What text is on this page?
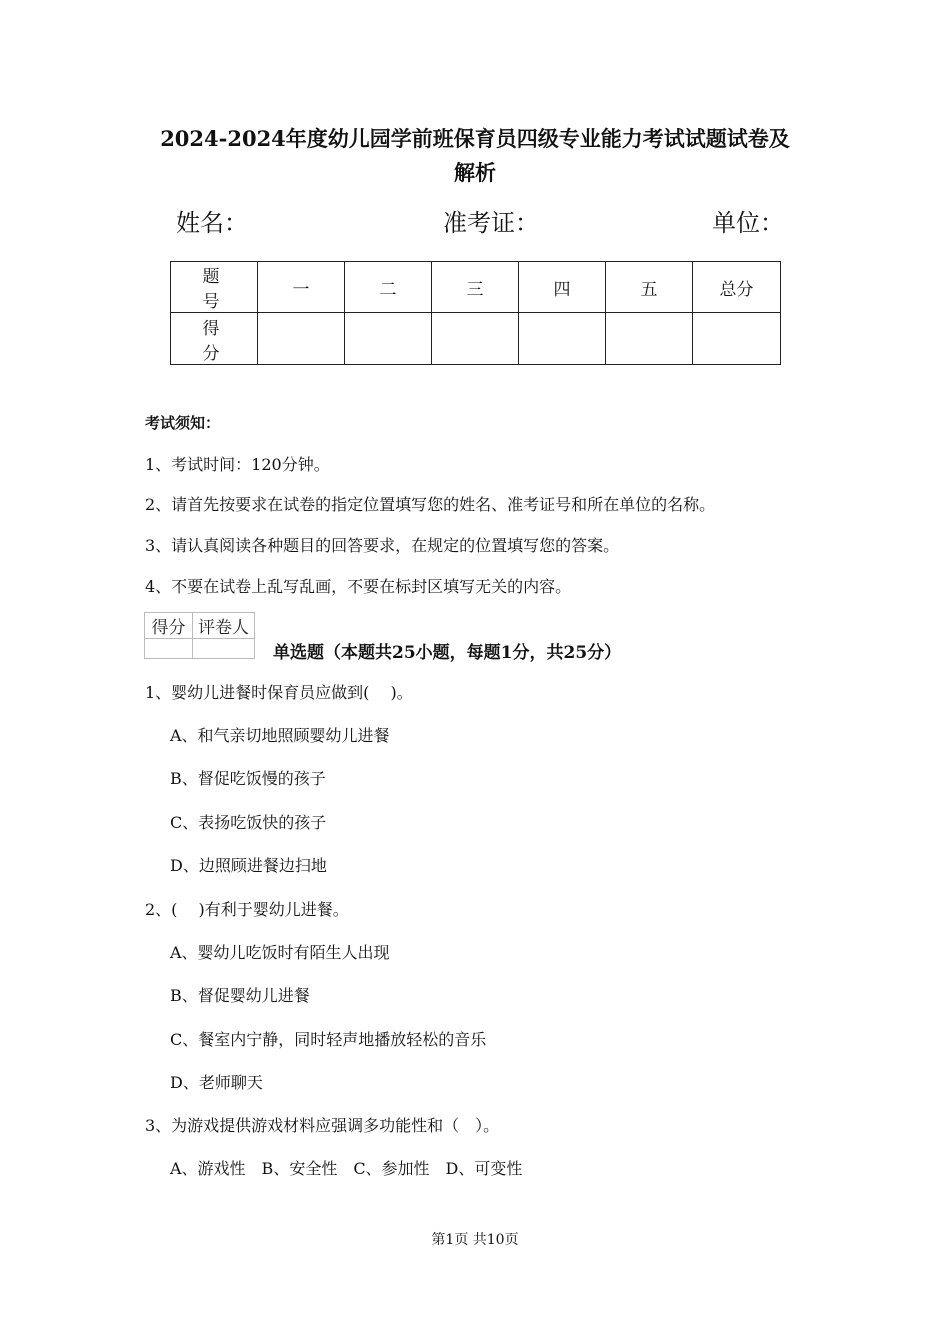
2024-2024年度幼儿园学前班保育员四级专业能力考试试题试卷及
解析
姓名：	准考证：	单位：
题 号	一	二	三	四	五	总分
得 分						
考试须知：
1、考试时间：120分钟。
2、请首先按要求在试卷的指定位置填写您的姓名、准考证号和所在单位的名称。
3、请认真阅读各种题目的回答要求，在规定的位置填写您的答案。
4、不要在试卷上乱写乱画，不要在标封区填写无关的内容。
得分	评卷人

单选题（本题共25小题，每题1分，共25分）
1、婴幼儿进餐时保育员应做到(　 )。
A、和气亲切地照顾婴幼儿进餐
B、督促吃饭慢的孩子
C、表扬吃饭快的孩子
D、边照顾进餐边扫地
2、(　 )有利于婴幼儿进餐。
A、婴幼儿吃饭时有陌生人出现
B、督促婴幼儿进餐
C、餐室内宁静，同时轻声地播放轻松的音乐
D、老师聊天
3、为游戏提供游戏材料应强调多功能性和（　）。
A、游戏性　B、安全性　C、参加性　D、可变性
第1页 共10页
